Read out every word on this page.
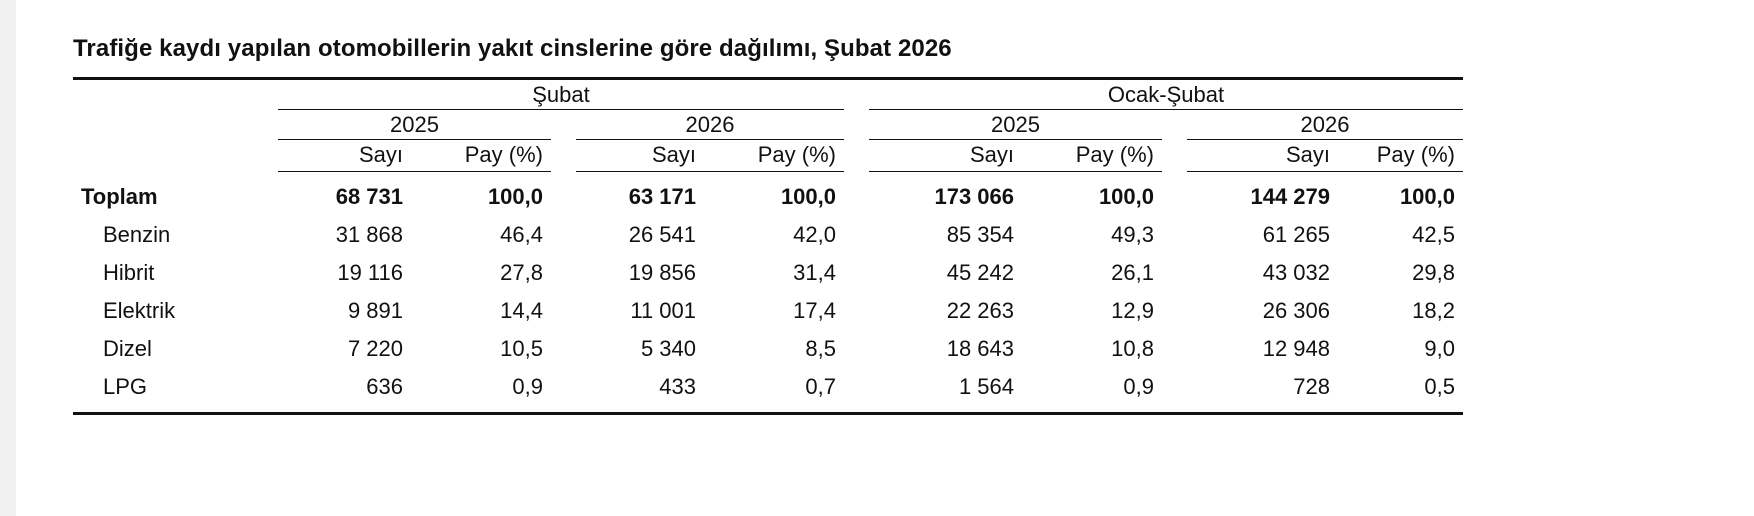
Trafiğe kaydı yapılan otomobillerin yakıt cinslerine göre dağılımı, Şubat 2026
	Şubat						Ocak-Şubat				
	2025			2026			2025			2026	
	Sayı	Pay (%)		Sayı	Pay (%)		Sayı	Pay (%)		Sayı	Pay (%)
Toplam	68 731	100,0		63 171	100,0		173 066	100,0		144 279	100,0
Benzin	31 868	46,4		26 541	42,0		85 354	49,3		61 265	42,5
Hibrit	19 116	27,8		19 856	31,4		45 242	26,1		43 032	29,8
Elektrik	9 891	14,4		11 001	17,4		22 263	12,9		26 306	18,2
Dizel	7 220	10,5		5 340	8,5		18 643	10,8		12 948	9,0
LPG	636	0,9		433	0,7		1 564	0,9		728	0,5
